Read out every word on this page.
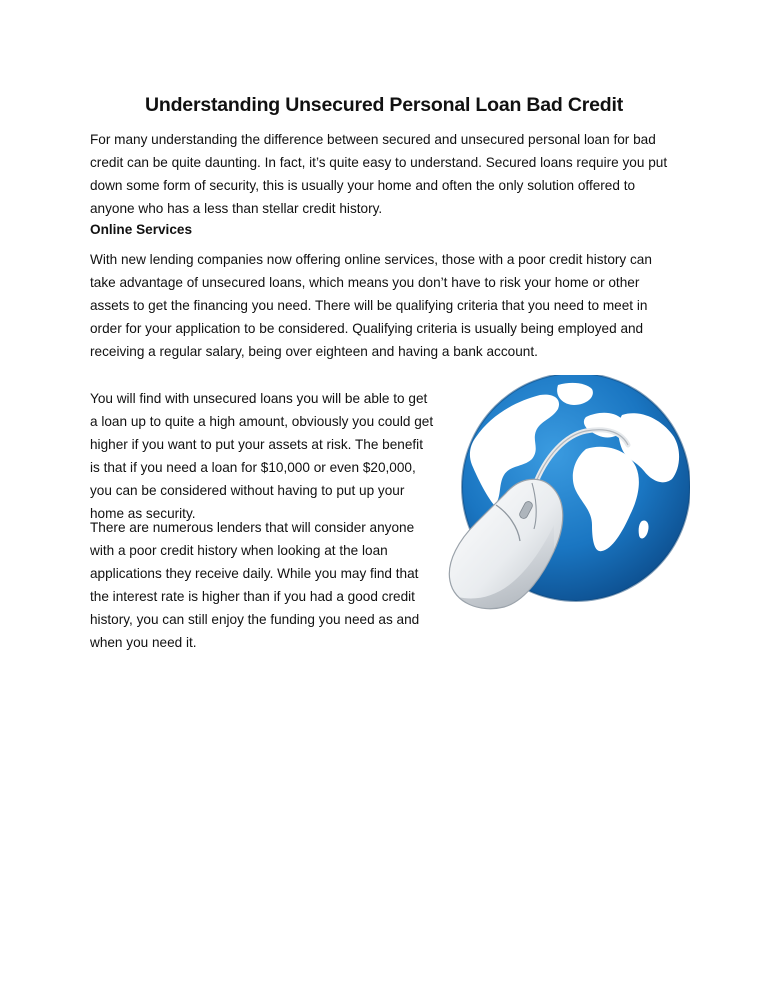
Understanding Unsecured Personal Loan Bad Credit

For many understanding the difference between secured and unsecured personal loan for bad credit can be quite daunting. In fact, it’s quite easy to understand. Secured loans require you put down some form of security, this is usually your home and often the only solution offered to anyone who has a less than stellar credit history.

Online Services

With new lending companies now offering online services, those with a poor credit history can take advantage of unsecured loans, which means you don’t have to risk your home or other assets to get the financing you need. There will be qualifying criteria that you need to meet in order for your application to be considered. Qualifying criteria is usually being employed and receiving a regular salary, being over eighteen and having a bank account.

You will find with unsecured loans you will be able to get a loan up to quite a high amount, obviously you could get higher if you want to put your assets at risk. The benefit is that if you need a loan for $10,000 or even $20,000, you can be considered without having to put up your home as security.

There are numerous lenders that will consider anyone with a poor credit history when looking at the loan applications they receive daily. While you may find that the interest rate is higher than if you had a good credit history, you can still enjoy the funding you need as and when you need it.
